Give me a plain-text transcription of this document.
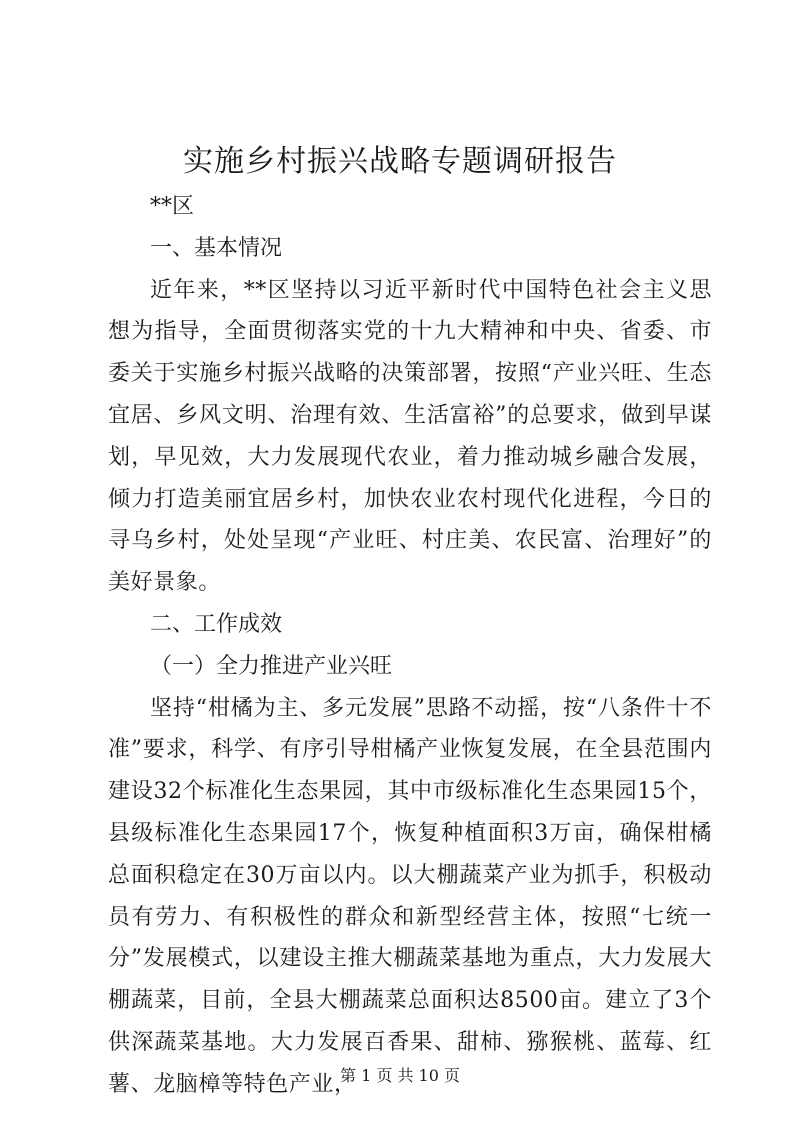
实施乡村振兴战略专题调研报告

**区

一、基本情况

近年来，**区坚持以习近平新时代中国特色社会主义思想为指导，全面贯彻落实党的十九大精神和中央、省委、市委关于实施乡村振兴战略的决策部署，按照“产业兴旺、生态宜居、乡风文明、治理有效、生活富裕”的总要求，做到早谋划，早见效，大力发展现代农业，着力推动城乡融合发展，倾力打造美丽宜居乡村，加快农业农村现代化进程，今日的寻乌乡村，处处呈现“产业旺、村庄美、农民富、治理好”的美好景象。

二、工作成效

（一）全力推进产业兴旺

坚持“柑橘为主、多元发展”思路不动摇，按“八条件十不准”要求，科学、有序引导柑橘产业恢复发展，在全县范围内建设32个标准化生态果园，其中市级标准化生态果园15个，县级标准化生态果园17个，恢复种植面积3万亩，确保柑橘总面积稳定在30万亩以内。以大棚蔬菜产业为抓手，积极动员有劳力、有积极性的群众和新型经营主体，按照“七统一分”发展模式，以建设主推大棚蔬菜基地为重点，大力发展大棚蔬菜，目前，全县大棚蔬菜总面积达8500亩。建立了3个供深蔬菜基地。大力发展百香果、甜柿、猕猴桃、蓝莓、红薯、龙脑樟等特色产业，

第 1 页 共 10 页
